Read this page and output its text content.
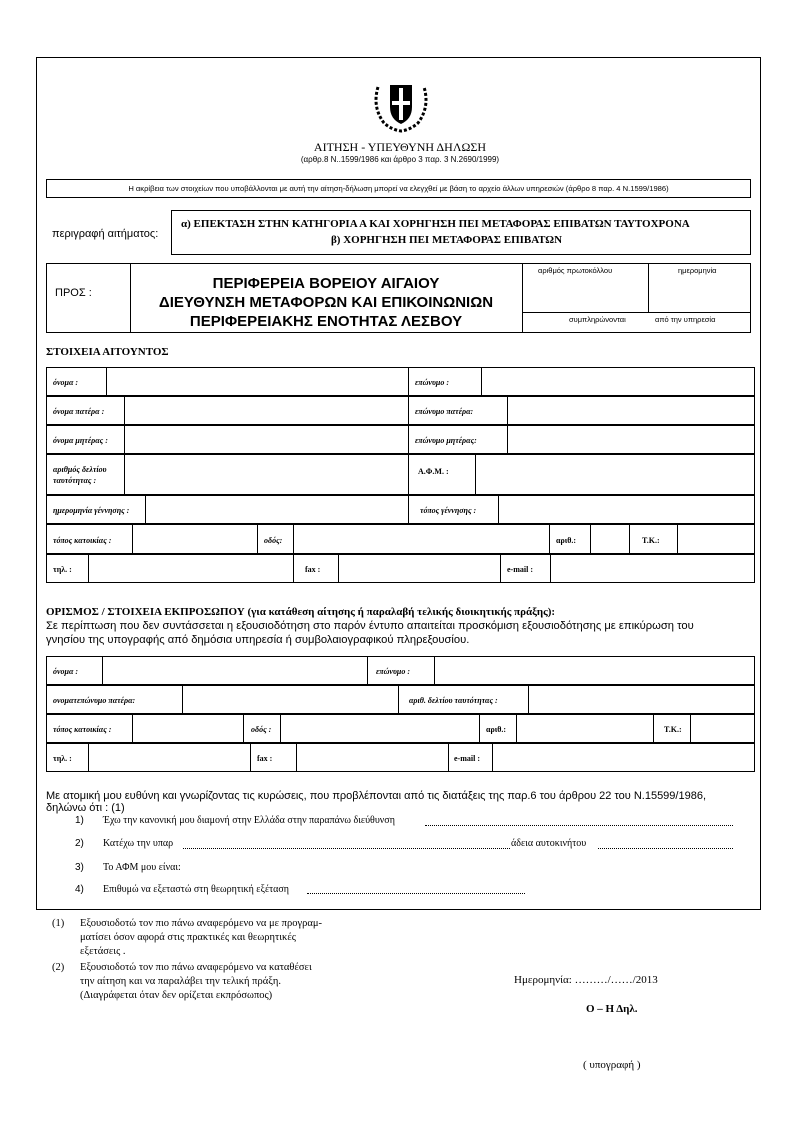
ΑΙΤΗΣΗ - ΥΠΕΥΘΥΝΗ ΔΗΛΩΣΗ
(αρθρ.8 Ν..1599/1986 και άρθρο 3 παρ. 3 Ν.2690/1999)
Η ακρίβεια των στοιχείων που υποβάλλονται με αυτή την αίτηση-δήλωση μπορεί να ελεγχθεί με βάση το αρχείο άλλων υπηρεσιών (άρθρο 8 παρ. 4 Ν.1599/1986)
περιγραφή αιτήματος:
α) ΕΠΕΚΤΑΣΗ ΣΤΗΝ ΚΑΤΗΓΟΡΙΑ Α ΚΑΙ ΧΟΡΗΓΗΣΗ ΠΕΙ ΜΕΤΑΦΟΡΑΣ ΕΠΙΒΑΤΩΝ ΤΑΥΤΟΧΡΟΝΑ
β) ΧΟΡΗΓΗΣΗ ΠΕΙ ΜΕΤΑΦΟΡΑΣ ΕΠΙΒΑΤΩΝ
ΠΡΟΣ :
ΠΕΡΙΦΕΡΕΙΑ ΒΟΡΕΙΟΥ ΑΙΓΑΙΟΥ
ΔΙΕΥΘΥΝΣΗ ΜΕΤΑΦΟΡΩΝ ΚΑΙ ΕΠΙΚΟΙΝΩΝΙΩΝ
ΠΕΡΙΦΕΡΕΙΑΚΗΣ ΕΝΟΤΗΤΑΣ ΛΕΣΒΟΥ
αριθμός πρωτοκόλλου	ημερομηνία
συμπληρώνονται	από την υπηρεσία
ΣΤΟΙΧΕΙΑ ΑΙΤΟΥΝΤΟΣ
όνομα :	επώνυμο :
όνομα πατέρα :	επώνυμο πατέρα:
όνομα μητέρας :	επώνυμο μητέρας:
αριθμός δελτίου
ταυτότητας :
Α.Φ.Μ. :
ημερομηνία γέννησης :	τόπος γέννησης :
τόπος κατοικίας :	οδός:	αριθ.:	Τ.Κ.:
τηλ. :	fax :	e-mail :
ΟΡΙΣΜΟΣ / ΣΤΟΙΧΕΙΑ ΕΚΠΡΟΣΩΠΟΥ (για κατάθεση αίτησης ή παραλαβή τελικής διοικητικής πράξης):
Σε περίπτωση που δεν συντάσσεται η εξουσιοδότηση στο παρόν έντυπο απαιτείται προσκόμιση εξουσιοδότησης με επικύρωση του
γνησίου της υπογραφής από δημόσια υπηρεσία ή συμβολαιογραφικού πληρεξουσίου.
όνομα :	επώνυμο :
ονοματεπώνυμο πατέρα:	αριθ. δελτίου ταυτότητας :
τόπος κατοικίας :	οδός :	αριθ.:	Τ.Κ.:
τηλ. :	fax :	e-mail :
Με ατομική μου ευθύνη και γνωρίζοντας τις κυρώσεις, που προβλέπονται από τις διατάξεις της παρ.6 του άρθρου 22 του Ν.15599/1986,
δηλώνω ότι : (1)
1) Έχω την κανονική μου διαμονή στην Ελλάδα στην παραπάνω διεύθυνση
2) Κατέχω την υπαρ	άδεια αυτοκινήτου
3) Το ΑΦΜ μου είναι:
4) Επιθυμώ να εξεταστώ στη θεωρητική εξέταση
(1) Εξουσιοδοτώ τον πιο πάνω αναφερόμενο να με προγραμ-
ματίσει όσον αφορά στις πρακτικές και θεωρητικές
εξετάσεις .
(2) Εξουσιοδοτώ τον πιο πάνω αναφερόμενο να καταθέσει
την αίτηση και να παραλάβει την τελική πράξη.
(Διαγράφεται όταν δεν ορίζεται εκπρόσωπος)
Ημερομηνία: ………/……/2013
Ο – Η Δηλ.
( υπογραφή )
